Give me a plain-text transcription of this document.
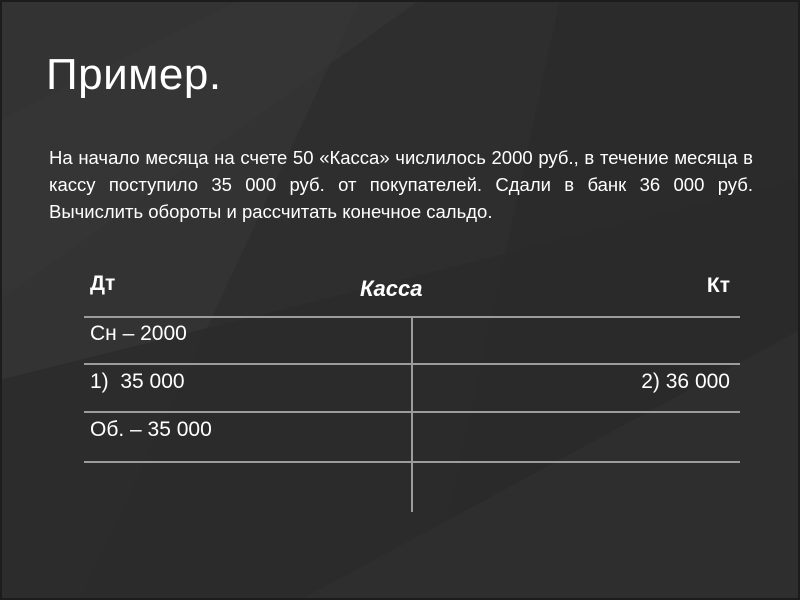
Пример.
На начало месяца на счете 50 «Касса» числилось 2000 руб., в течение месяца в кассу поступило 35 000 руб. от покупателей. Сдали в банк 36 000 руб. Вычислить обороты и рассчитать конечное сальдо.
Дт	Касса	Кт
Сн – 2000
1)  35 000	2) 36 000
Об. – 35 000
